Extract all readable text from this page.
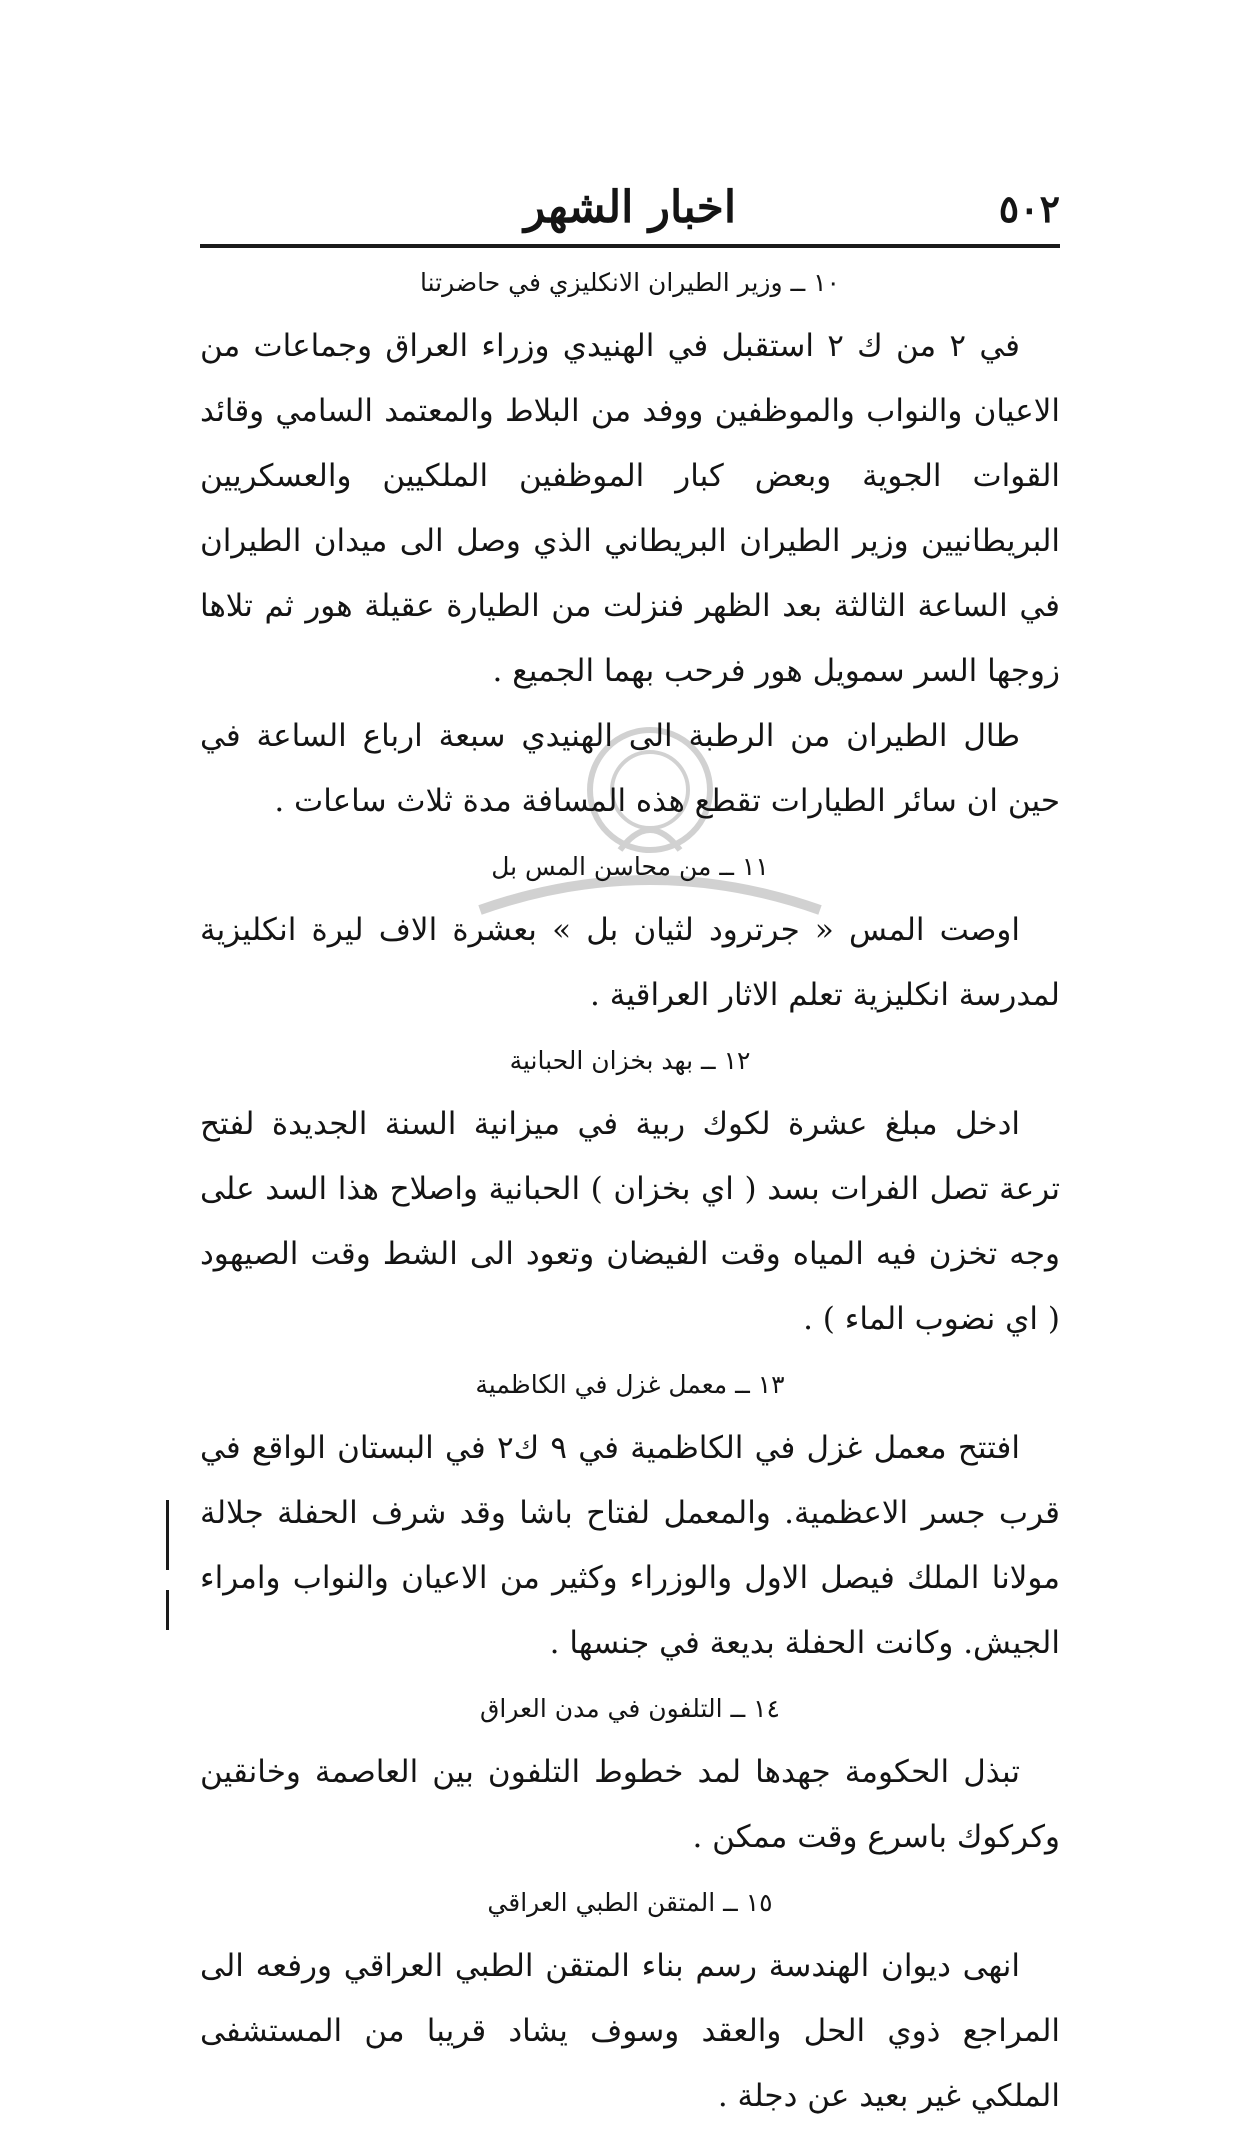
٥٠٢
اخبار الشهر
١٠ ــ وزير الطيران الانكليزي في حاضرتنا

في ٢ من ك ٢ استقبل في الهنيدي وزراء العراق وجماعات من الاعيان والنواب والموظفين ووفد من البلاط والمعتمد السامي وقائد القوات الجوية وبعض كبار الموظفين الملكيين والعسكريين البريطانيين وزير الطيران البريطاني الذي وصل الى ميدان الطيران في الساعة الثالثة بعد الظهر فنزلت من الطيارة عقيلة هور ثم تلاها زوجها السر سمويل هور فرحب بهما الجميع .

طال الطيران من الرطبة الى الهنيدي سبعة ارباع الساعة في حين ان سائر الطيارات تقطع هذه المسافة مدة ثلاث ساعات .

١١ ــ من محاسن المس بل

اوصت المس « جرترود لثيان بل » بعشرة الاف ليرة انكليزية لمدرسة انكليزية تعلم الاثار العراقية .

١٢ ــ بهد بخزان الحبانية

ادخل مبلغ عشرة لكوك ربية في ميزانية السنة الجديدة لفتح ترعة تصل الفرات بسد ( اي بخزان ) الحبانية واصلاح هذا السد على وجه تخزن فيه المياه وقت الفيضان وتعود الى الشط وقت الصيهود ( اي نضوب الماء ) .

١٣ ــ معمل غزل في الكاظمية

افتتح معمل غزل في الكاظمية في ٩ ك٢ في البستان الواقع في قرب جسر الاعظمية. والمعمل لفتاح باشا وقد شرف الحفلة جلالة مولانا الملك فيصل الاول والوزراء وكثير من الاعيان والنواب وامراء الجيش. وكانت الحفلة بديعة في جنسها .

١٤ ــ التلفون في مدن العراق

تبذل الحكومة جهدها لمد خطوط التلفون بين العاصمة وخانقين وكركوك باسرع وقت ممكن .

١٥ ــ المتقن الطبي العراقي

انهى ديوان الهندسة رسم بناء المتقن الطبي العراقي ورفعه الى المراجع ذوي الحل والعقد وسوف يشاد قريبا من المستشفى الملكي غير بعيد عن دجلة .
